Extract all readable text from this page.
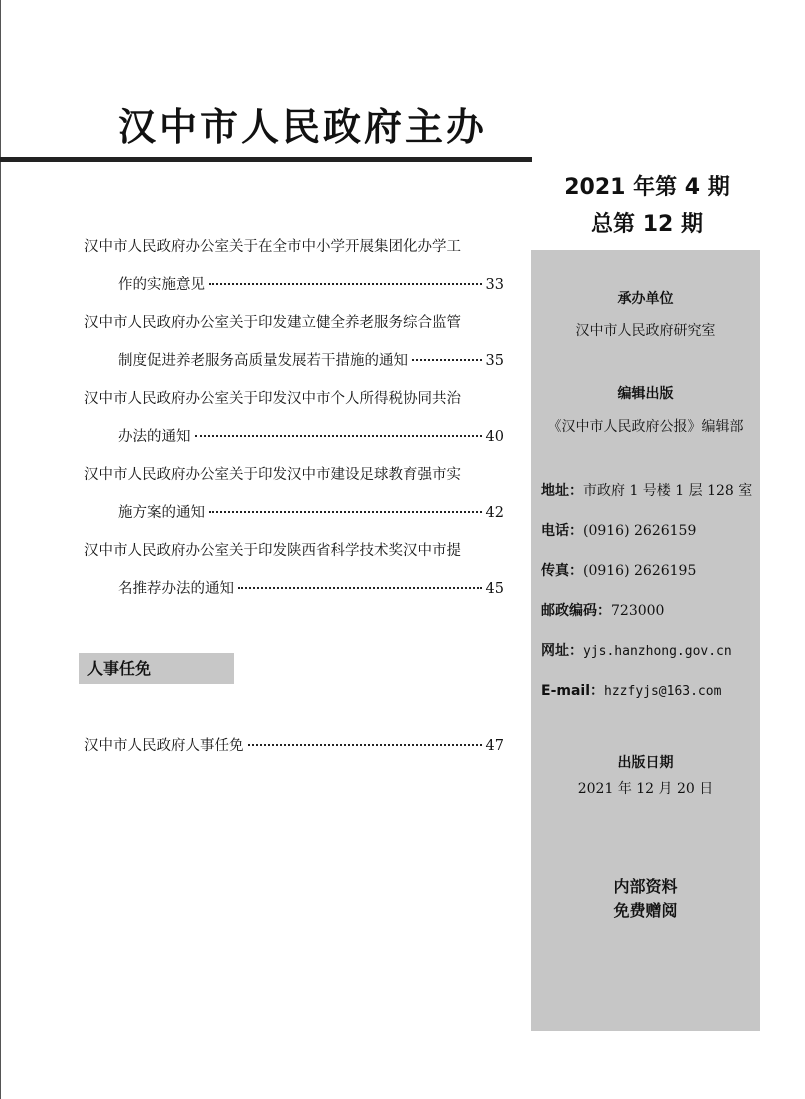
汉中市人民政府主办
2021 年第 4 期
总第 12 期
汉中市人民政府办公室关于在全市中小学开展集团化办学工
作的实施意见	33
汉中市人民政府办公室关于印发建立健全养老服务综合监管
制度促进养老服务高质量发展若干措施的通知	35
汉中市人民政府办公室关于印发汉中市个人所得税协同共治
办法的通知	40
汉中市人民政府办公室关于印发汉中市建设足球教育强市实
施方案的通知	42
汉中市人民政府办公室关于印发陕西省科学技术奖汉中市提
名推荐办法的通知	45
人事任免
汉中市人民政府人事任免	47
承办单位
汉中市人民政府研究室
编辑出版
《汉中市人民政府公报》编辑部
地址：市政府 1 号楼 1 层 128 室
电话：(0916) 2626159
传真：(0916) 2626195
邮政编码：723000
网址：yjs.hanzhong.gov.cn
E-mail：hzzfyjs@163.com
出版日期
2021 年 12 月 20 日
内部资料
免费赠阅
